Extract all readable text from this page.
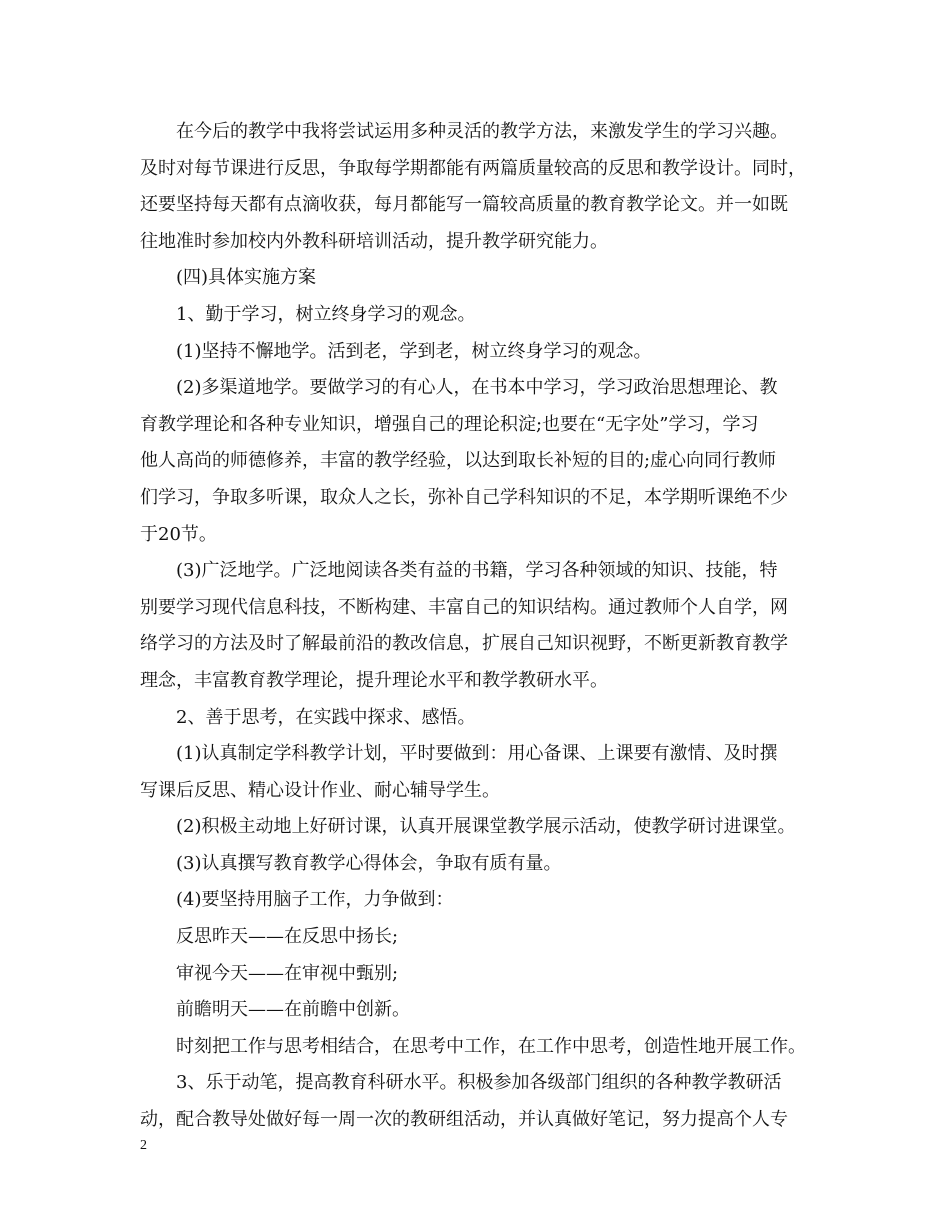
在今后的教学中我将尝试运用多种灵活的教学方法，来激发学生的学习兴趣。
及时对每节课进行反思，争取每学期都能有两篇质量较高的反思和教学设计。同时，
还要坚持每天都有点滴收获，每月都能写一篇较高质量的教育教学论文。并一如既
往地准时参加校内外教科研培训活动，提升教学研究能力。
(四)具体实施方案
1、勤于学习，树立终身学习的观念。
(1)坚持不懈地学。活到老，学到老，树立终身学习的观念。
(2)多渠道地学。要做学习的有心人，在书本中学习，学习政治思想理论、教
育教学理论和各种专业知识，增强自己的理论积淀;也要在“无字处”学习，学习
他人高尚的师德修养，丰富的教学经验，以达到取长补短的目的;虚心向同行教师
们学习，争取多听课，取众人之长，弥补自己学科知识的不足，本学期听课绝不少
于20节。
(3)广泛地学。广泛地阅读各类有益的书籍，学习各种领域的知识、技能，特
别要学习现代信息科技，不断构建、丰富自己的知识结构。通过教师个人自学，网
络学习的方法及时了解最前沿的教改信息，扩展自己知识视野，不断更新教育教学
理念，丰富教育教学理论，提升理论水平和教学教研水平。
2、善于思考，在实践中探求、感悟。
(1)认真制定学科教学计划，平时要做到：用心备课、上课要有激情、及时撰
写课后反思、精心设计作业、耐心辅导学生。
(2)积极主动地上好研讨课，认真开展课堂教学展示活动，使教学研讨进课堂。
(3)认真撰写教育教学心得体会，争取有质有量。
(4)要坚持用脑子工作，力争做到：
反思昨天——在反思中扬长;
审视今天——在审视中甄别;
前瞻明天——在前瞻中创新。
时刻把工作与思考相结合，在思考中工作，在工作中思考，创造性地开展工作。
3、乐于动笔，提高教育科研水平。积极参加各级部门组织的各种教学教研活
动，配合教导处做好每一周一次的教研组活动，并认真做好笔记，努力提高个人专
2
